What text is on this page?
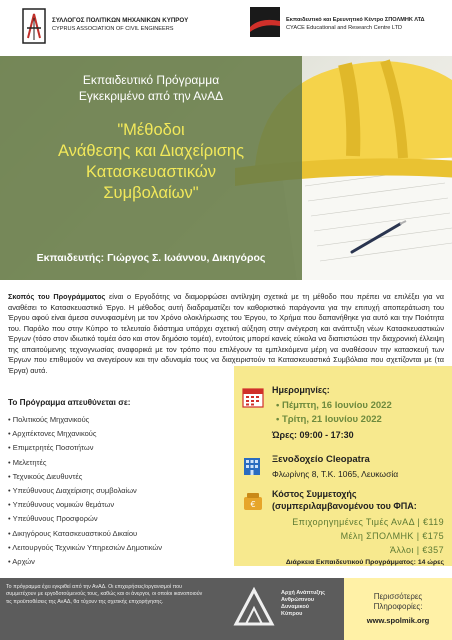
ΣΥΛΛΟΓΟΣ ΠΟΛΙΤΙΚΩΝ ΜΗΧΑΝΙΚΩΝ ΚΥΠΡΟΥ
CYPRUS ASSOCIATION OF CIVIL ENGINEERS
Εκπαιδευτικό και Ερευνητικό Κέντρο ΣΠΟΛΜΗΚ ΛΤΔ
CYACE Educational and Research Centre LTD
Εκπαιδευτικό Πρόγραμμα
Εγκεκριμένο από την ΑνΑΔ
"Μέθοδοι
Ανάθεσης και Διαχείρισης
Κατασκευαστικών
Συμβολαίων"
Εκπαιδευτής: Γιώργος Σ. Ιωάννου, Δικηγόρος
Σκοπός του Προγράμματος είναι ο Εργοδότης να διαμορφώσει αντίληψη σχετικά με τη μέθοδο που πρέπει να επιλέξει για να αναθέσει το Κατασκευαστικό Έργο. Η μέθοδος αυτή διαδραματίζει τον καθοριστικό παράγοντα για την επιτυχή αποπεράτωση του Έργου αφού είναι άμεσα συνυφασμένη με τον Χρόνο ολοκλήρωσης του Έργου, το Χρήμα που δαπανήθηκε για αυτό και την Ποιότητα του. Παρόλο που στην Κύπρο το τελευταίο διάστημα υπάρχει σχετική αύξηση στην ανέγερση και ανάπτυξη νέων Κατασκευαστικών Έργων (τόσο στον ιδιωτικό τομέα όσο και στον δημόσιο τομέα), εντούτοις μπορεί κανείς εύκολα να διαπιστώσει την διαχρονική έλλειψη της απαιτούμενης τεχνογνωσίας αναφορικά με τον τρόπο που επιλέγουν τα εμπλεκόμενα μέρη να αναθέσουν την κατασκευή των Έργων που επιθυμούν να ανεγείρουν και την αδυναμία τους να διαχειριστούν τα Κατασκευαστικά Συμβόλαια που σχετίζονται με (τα Έργα) αυτά.
Το Πρόγραμμα απευθύνεται σε:
• Πολιτικούς Μηχανικούς
• Αρχιτέκτονες Μηχανικούς
• Επιμετρητές Ποσοτήτων
• Μελετητές
• Τεχνικούς Διευθυντές
• Υπεύθυνους Διαχείρισης συμβολαίων
• Υπεύθυνους νομικών θεμάτων
• Υπεύθυνους Προσφορών
• Δικηγόρους Κατασκευαστικού Δικαίου
• Λειτουργούς Τεχνικών Υπηρεσιών Δημοτικών
• Αρχών
Ημερομηνίες:
• Πέμπτη, 16 Ιουνίου 2022
• Τρίτη, 21 Ιουνίου 2022
Ώρες: 09:00 - 17:30
Ξενοδοχείο Cleopatra
Φλωρίνης 8, Τ.Κ. 1065, Λευκωσία
€
Κόστος Συμμετοχής
(συμπεριλαμβανομένου του ΦΠΑ:
Επιχορηγημένες Τιμές ΑνΑΔ | €119
Μέλη ΣΠΟΛΜΗΚ | €175
Άλλοι | €357
Διάρκεια Εκπαιδευτικού Προγράμματος: 14 ώρες
Το πρόγραμμα έχει εγκριθεί από την ΑνΑΔ. Οι επιχειρήσεις/οργανισμοί που συμμετέχουν με εργοδοτούμενούς τους, καθώς και οι άνεργοι, οι οποίοι ικανοποιούν τις προϋποθέσεις της ΑνΑΔ, θα τύχουν της σχετικής επιχορήγησης.
Αρχή Ανάπτυξης
Ανθρώπινου
Δυναμικού
Κύπρου
Περισσότερες
Πληροφορίες:
www.spolmik.org
